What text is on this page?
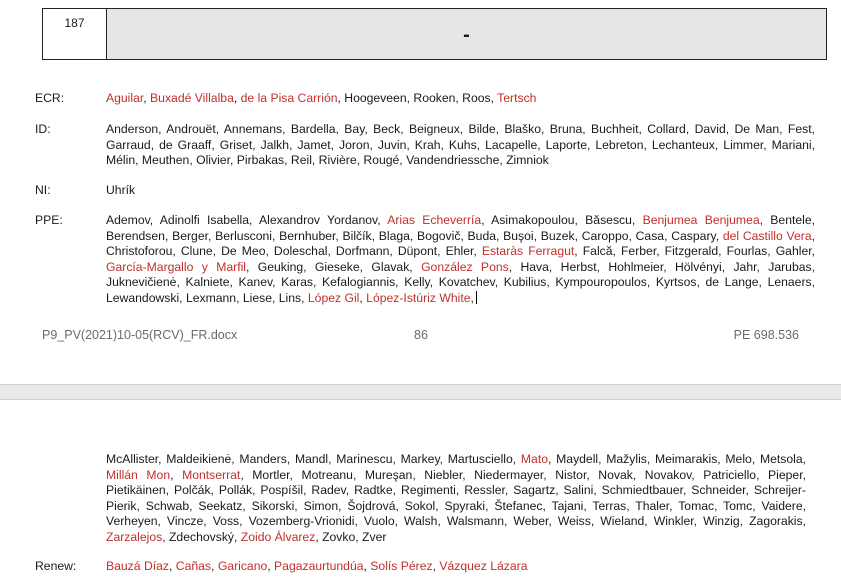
187
-
ECR:	Aguilar, Buxadé Villalba, de la Pisa Carrión, Hoogeveen, Rooken, Roos, Tertsch
ID:	Anderson, Androuët, Annemans, Bardella, Bay, Beck, Beigneux, Bilde, Blaško, Bruna, Buchheit, Collard, David, De Man, Fest, Garraud, de Graaff, Griset, Jalkh, Jamet, Joron, Juvin, Krah, Kuhs, Lacapelle, Laporte, Lebreton, Lechanteux, Limmer, Mariani, Mélin, Meuthen, Olivier, Pirbakas, Reil, Rivière, Rougé, Vandendriessche, Zimniok
NI:	Uhrík
PPE:	Ademov, Adinolfi Isabella, Alexandrov Yordanov, Arias Echeverría, Asimakopoulou, Băsescu, Benjumea Benjumea, Bentele, Berendsen, Berger, Berlusconi, Bernhuber, Bilčík, Blaga, Bogovič, Buda, Buşoi, Buzek, Caroppo, Casa, Caspary, del Castillo Vera, Christoforou, Clune, De Meo, Doleschal, Dorfmann, Düpont, Ehler, Estaràs Ferragut, Falcă, Ferber, Fitzgerald, Fourlas, Gahler, García-Margallo y Marfil, Geuking, Gieseke, Glavak, González Pons, Hava, Herbst, Hohlmeier, Hölvényi, Jahr, Jarubas, Juknevičienė, Kalniete, Kanev, Karas, Kefalogiannis, Kelly, Kovatchev, Kubilius, Kympouropoulos, Kyrtsos, de Lange, Lenaers, Lewandowski, Lexmann, Liese, Lins, López Gil, López-Istúriz White,
P9_PV(2021)10-05(RCV)_FR.docx	86	PE 698.536
McAllister, Maldeikienė, Manders, Mandl, Marinescu, Markey, Martusciello, Mato, Maydell, Mažylis, Meimarakis, Melo, Metsola, Millán Mon, Montserrat, Mortler, Motreanu, Mureşan, Niebler, Niedermayer, Nistor, Novak, Novakov, Patriciello, Pieper, Pietikäinen, Polčák, Pollák, Pospíšil, Radev, Radtke, Regimenti, Ressler, Sagartz, Salini, Schmiedtbauer, Schneider, Schreijer-Pierik, Schwab, Seekatz, Sikorski, Simon, Šojdrová, Sokol, Spyraki, Štefanec, Tajani, Terras, Thaler, Tomac, Tomc, Vaidere, Verheyen, Vincze, Voss, Vozemberg-Vrionidi, Vuolo, Walsh, Walsmann, Weber, Weiss, Wieland, Winkler, Winzig, Zagorakis, Zarzalejos, Zdechovský, Zoido Álvarez, Zovko, Zver
Renew:	Bauzá Díaz, Cañas, Garicano, Pagazaurtundúa, Solís Pérez, Vázquez Lázara
